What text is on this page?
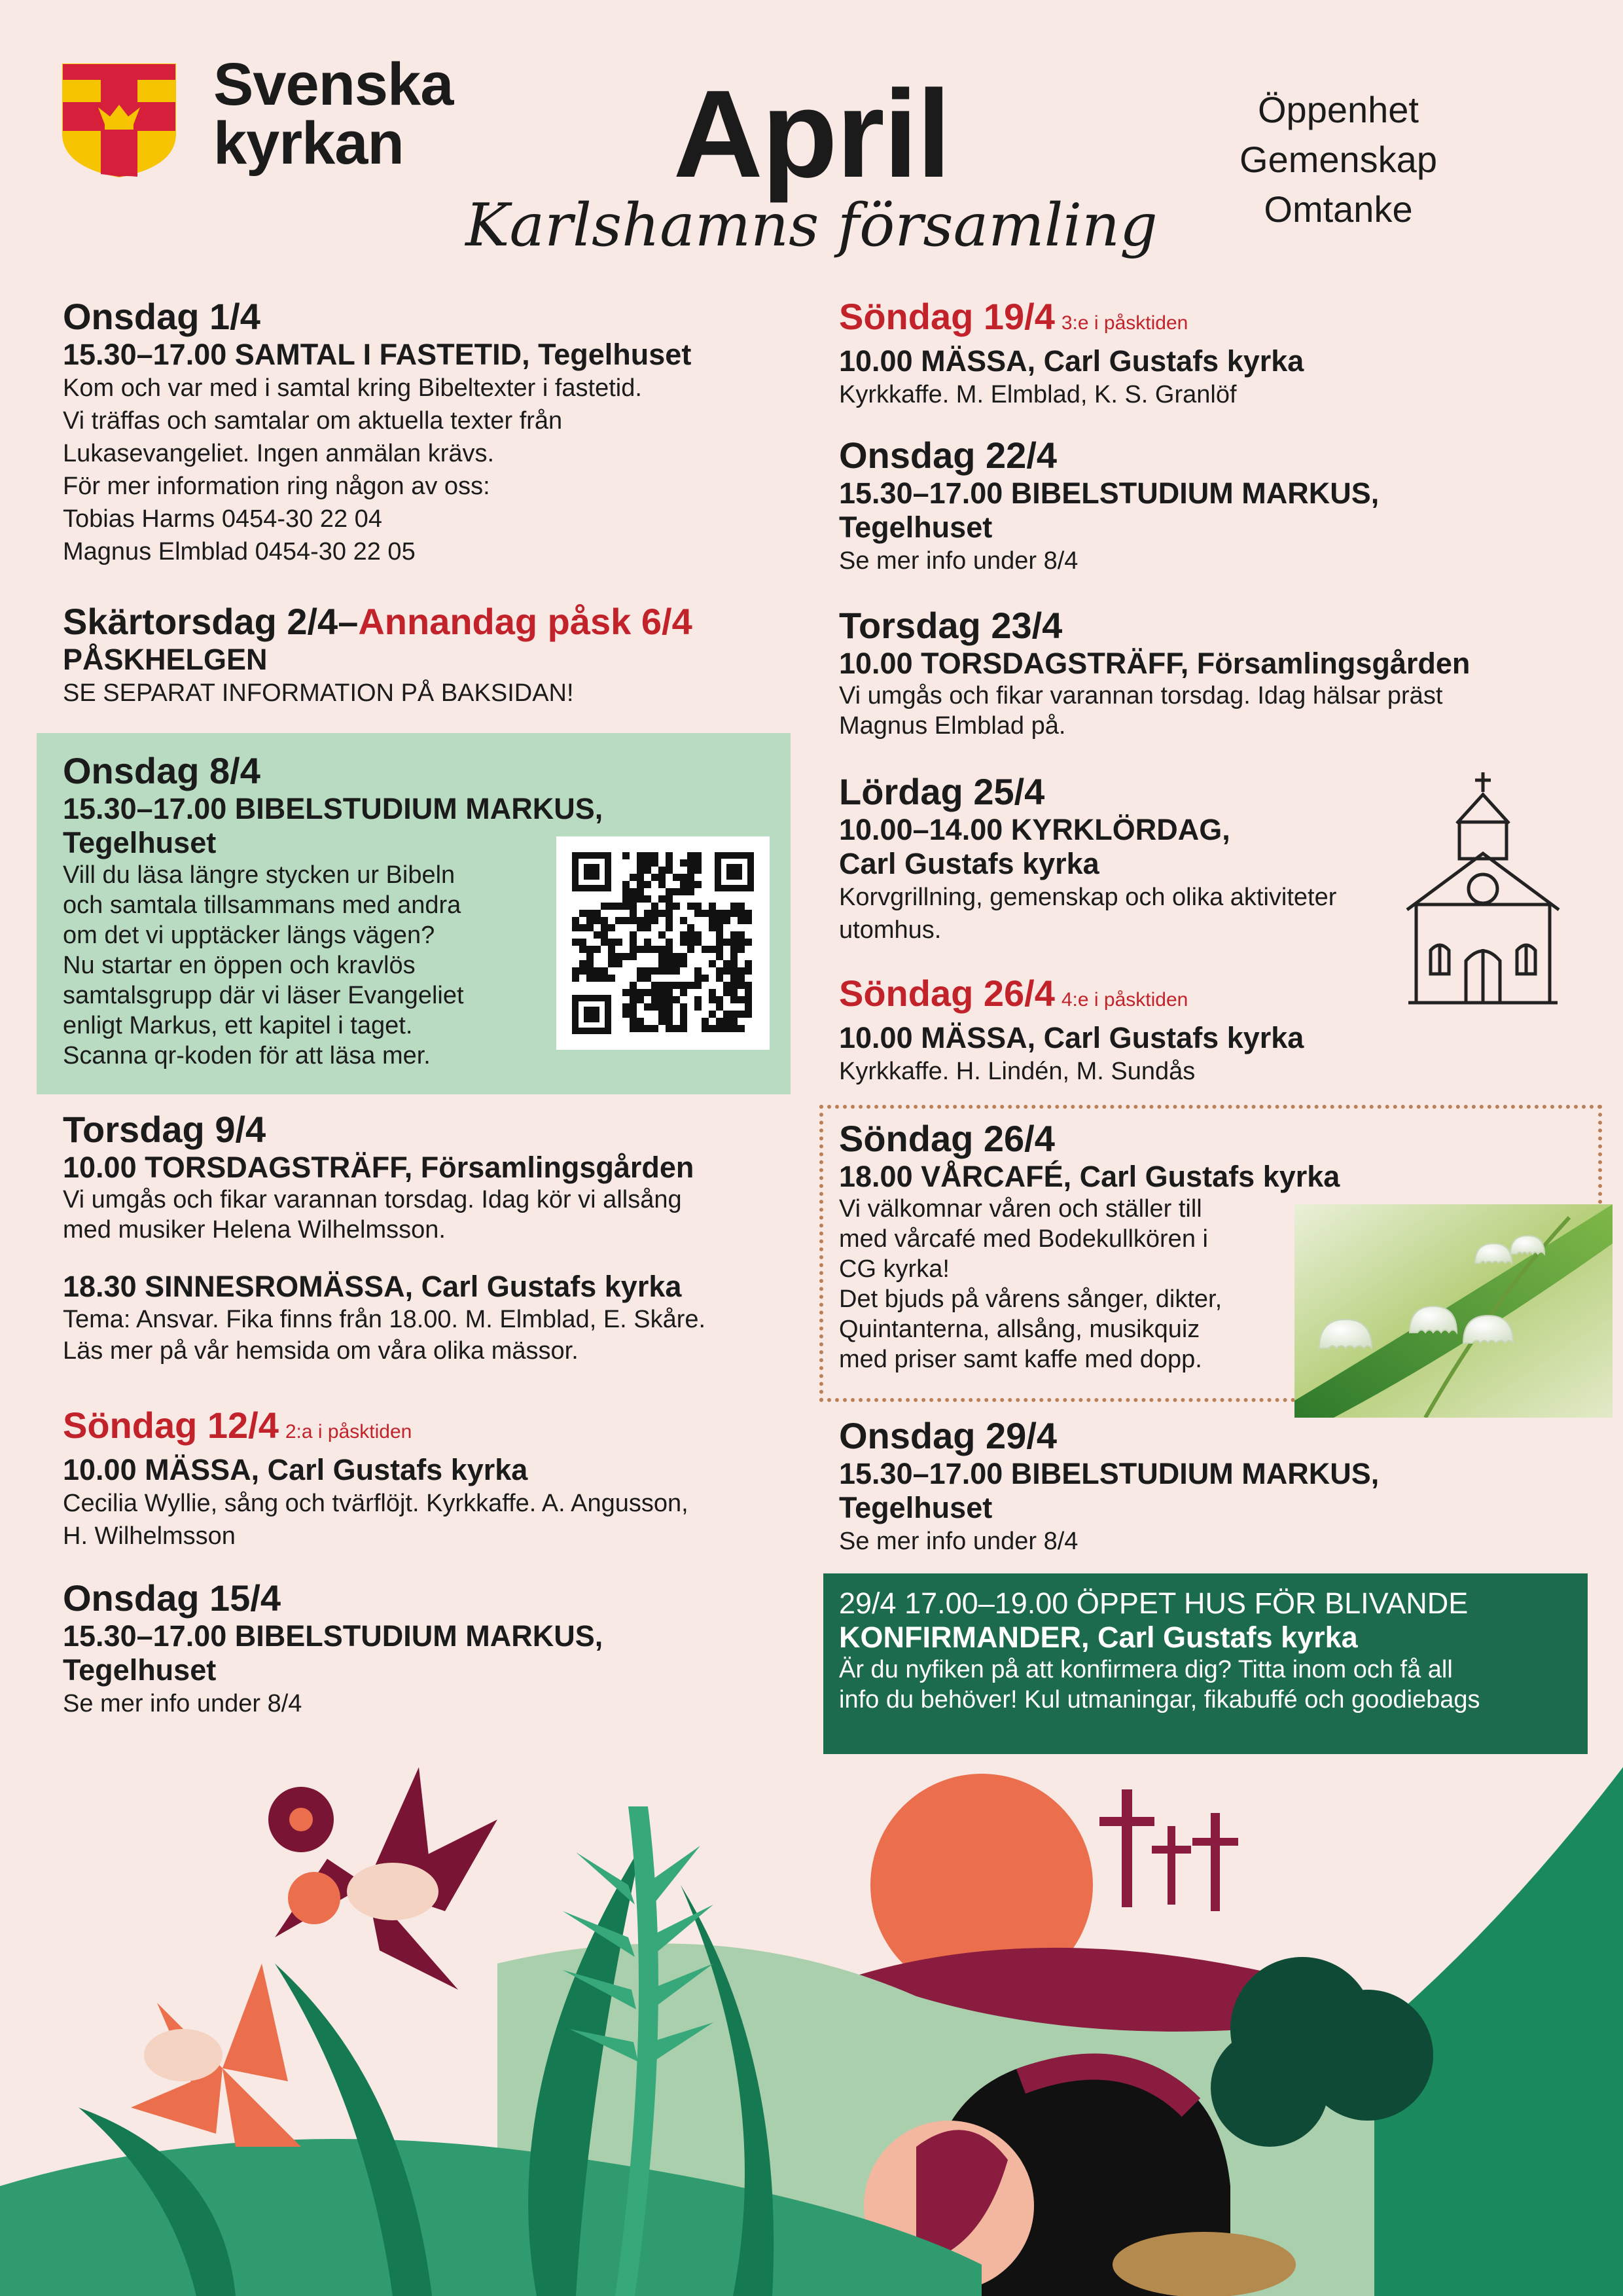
Svenska
kyrkan	April
Karlshamns församling
Öppenhet
Gemenskap
Omtanke
Onsdag 1/4
15.30–17.00 SAMTAL I FASTETID, Tegelhuset
Kom och var med i samtal kring Bibeltexter i fastetid.
Vi träffas och samtalar om aktuella texter från
Lukasevangeliet. Ingen anmälan krävs.
För mer information ring någon av oss:
Tobias Harms 0454-30 22 04
Magnus Elmblad 0454-30 22 05
Skärtorsdag 2/4–Annandag påsk 6/4
PÅSKHELGEN
SE SEPARAT INFORMATION PÅ BAKSIDAN!
Onsdag 8/4
15.30–17.00 BIBELSTUDIUM MARKUS,
Tegelhuset
Vill du läsa längre stycken ur Bibeln
och samtala tillsammans med andra
om det vi upptäcker längs vägen?
Nu startar en öppen och kravlös
samtalsgrupp där vi läser Evangeliet
enligt Markus, ett kapitel i taget.
Scanna qr-koden för att läsa mer.
Torsdag 9/4
10.00 TORSDAGSTRÄFF, Församlingsgården
Vi umgås och fikar varannan torsdag. Idag kör vi allsång
med musiker Helena Wilhelmsson.
18.30 SINNESROMÄSSA, Carl Gustafs kyrka
Tema: Ansvar. Fika finns från 18.00. M. Elmblad, E. Skåre.
Läs mer på vår hemsida om våra olika mässor.
Söndag 12/4 2:a i påsktiden
10.00 MÄSSA, Carl Gustafs kyrka
Cecilia Wyllie, sång och tvärflöjt. Kyrkkaffe. A. Angusson,
H. Wilhelmsson
Onsdag 15/4
15.30–17.00 BIBELSTUDIUM MARKUS,
Tegelhuset
Se mer info under 8/4
Söndag 19/4 3:e i påsktiden
10.00 MÄSSA, Carl Gustafs kyrka
Kyrkkaffe. M. Elmblad, K. S. Granlöf
Onsdag 22/4
15.30–17.00 BIBELSTUDIUM MARKUS,
Tegelhuset
Se mer info under 8/4
Torsdag 23/4
10.00 TORSDAGSTRÄFF, Församlingsgården
Vi umgås och fikar varannan torsdag. Idag hälsar präst
Magnus Elmblad på.
Lördag 25/4
10.00–14.00 KYRKLÖRDAG,
Carl Gustafs kyrka
Korvgrillning, gemenskap och olika aktiviteter
utomhus.
Söndag 26/4 4:e i påsktiden
10.00 MÄSSA, Carl Gustafs kyrka
Kyrkkaffe. H. Lindén, M. Sundås
Söndag 26/4
18.00 VÅRCAFÉ, Carl Gustafs kyrka
Vi välkomnar våren och ställer till
med vårcafé med Bodekullkören i
CG kyrka!
Det bjuds på vårens sånger, dikter,
Quintanterna, allsång, musikquiz
med priser samt kaffe med dopp.
Onsdag 29/4
15.30–17.00 BIBELSTUDIUM MARKUS,
Tegelhuset
Se mer info under 8/4
29/4 17.00–19.00 ÖPPET HUS FÖR BLIVANDE
KONFIRMANDER, Carl Gustafs kyrka
Är du nyfiken på att konfirmera dig? Titta inom och få all
info du behöver! Kul utmaningar, fikabuffé och goodiebags
